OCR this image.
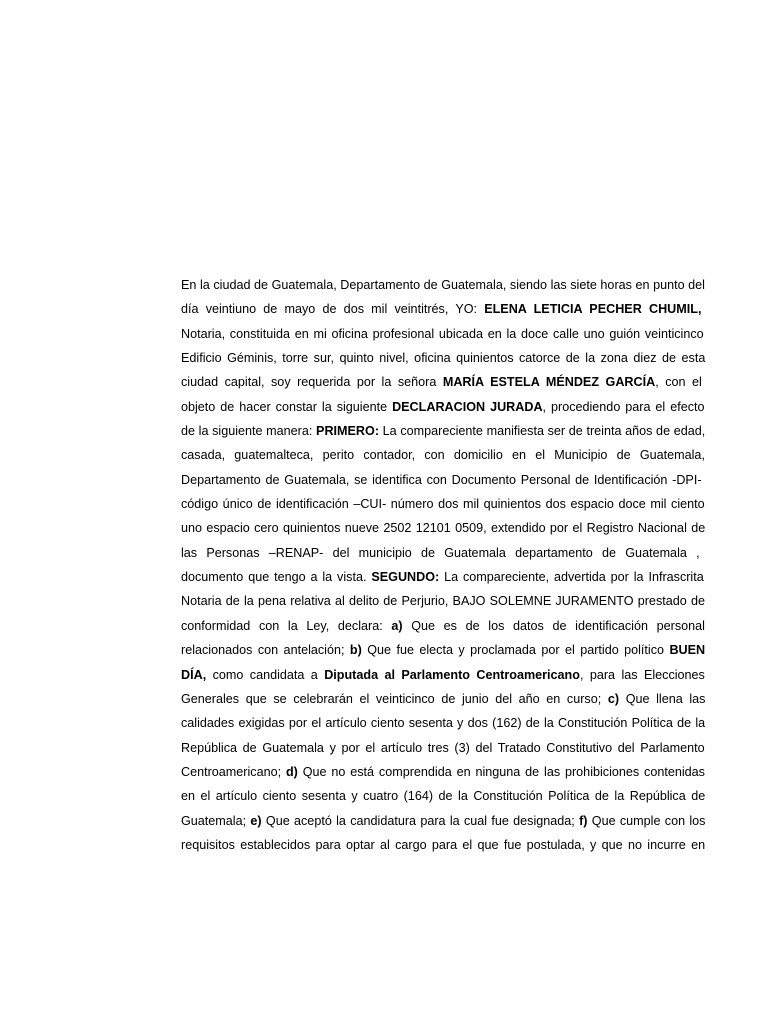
En la ciudad de Guatemala, Departamento de Guatemala, siendo las siete horas en punto del
día veintiuno de mayo de dos mil veintitrés, YO: ELENA LETICIA PECHER CHUMIL,
Notaria, constituida en mi oficina profesional ubicada en la doce calle uno guión veinticinco
Edificio Géminis, torre sur, quinto nivel, oficina quinientos catorce de la zona diez de esta
ciudad capital, soy requerida por la señora MARÍA ESTELA MÉNDEZ GARCÍA, con el
objeto de hacer constar la siguiente DECLARACION JURADA, procediendo para el efecto
de la siguiente manera: PRIMERO: La compareciente manifiesta ser de treinta años de edad,
casada, guatemalteca, perito contador, con domicilio en el Municipio de Guatemala,
Departamento de Guatemala, se identifica con Documento Personal de Identificación -DPI-
código único de identificación –CUI- número dos mil quinientos dos espacio doce mil ciento
uno espacio cero quinientos nueve 2502 12101 0509, extendido por el Registro Nacional de
las Personas –RENAP- del municipio de Guatemala departamento de Guatemala ,
documento que tengo a la vista. SEGUNDO: La compareciente, advertida por la Infrascrita
Notaria de la pena relativa al delito de Perjurio, BAJO SOLEMNE JURAMENTO prestado de
conformidad con la Ley, declara: a) Que es de los datos de identificación personal
relacionados con antelación; b) Que fue electa y proclamada por el partido político BUEN
DÍA, como candidata a Diputada al Parlamento Centroamericano, para las Elecciones
Generales que se celebrarán el veinticinco de junio del año en curso; c) Que llena las
calidades exigidas por el artículo ciento sesenta y dos (162) de la Constitución Política de la
República de Guatemala y por el artículo tres (3) del Tratado Constitutivo del Parlamento
Centroamericano; d) Que no está comprendida en ninguna de las prohibiciones contenidas
en el artículo ciento sesenta y cuatro (164) de la Constitución Política de la República de
Guatemala; e) Que aceptó la candidatura para la cual fue designada; f) Que cumple con los
requisitos establecidos para optar al cargo para el que fue postulada, y que no incurre en
